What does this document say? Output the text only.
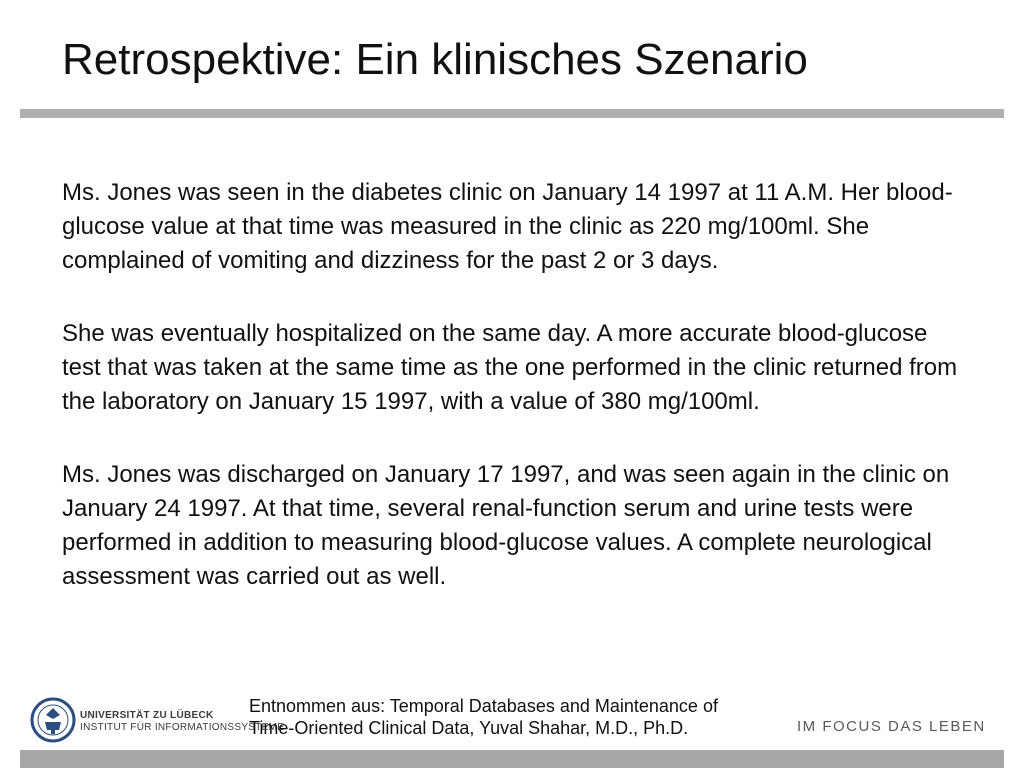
Retrospektive: Ein klinisches Szenario

Ms. Jones was seen in the diabetes clinic on January 14 1997 at 11 A.M. Her blood-glucose value at that time was measured in the clinic as 220 mg/100ml. She complained of vomiting and dizziness for the past 2 or 3 days.

She was eventually hospitalized on the same day. A more accurate blood-glucose test that was taken at the same time as the one performed in the clinic returned from the laboratory on January 15 1997, with a value of 380 mg/100ml.

Ms. Jones was discharged on January 17 1997, and was seen again in the clinic on January 24 1997. At that time, several renal-function serum and urine tests were performed in addition to measuring blood-glucose values. A complete neurological assessment was carried out as well.

UNIVERSITÄT ZU LÜBECK
INSTITUT FÜR INFORMATIONSSYSTEME
Entnommen aus: Temporal Databases and Maintenance of
Time-Oriented Clinical Data, Yuval Shahar, M.D., Ph.D.	IM FOCUS DAS LEBEN
